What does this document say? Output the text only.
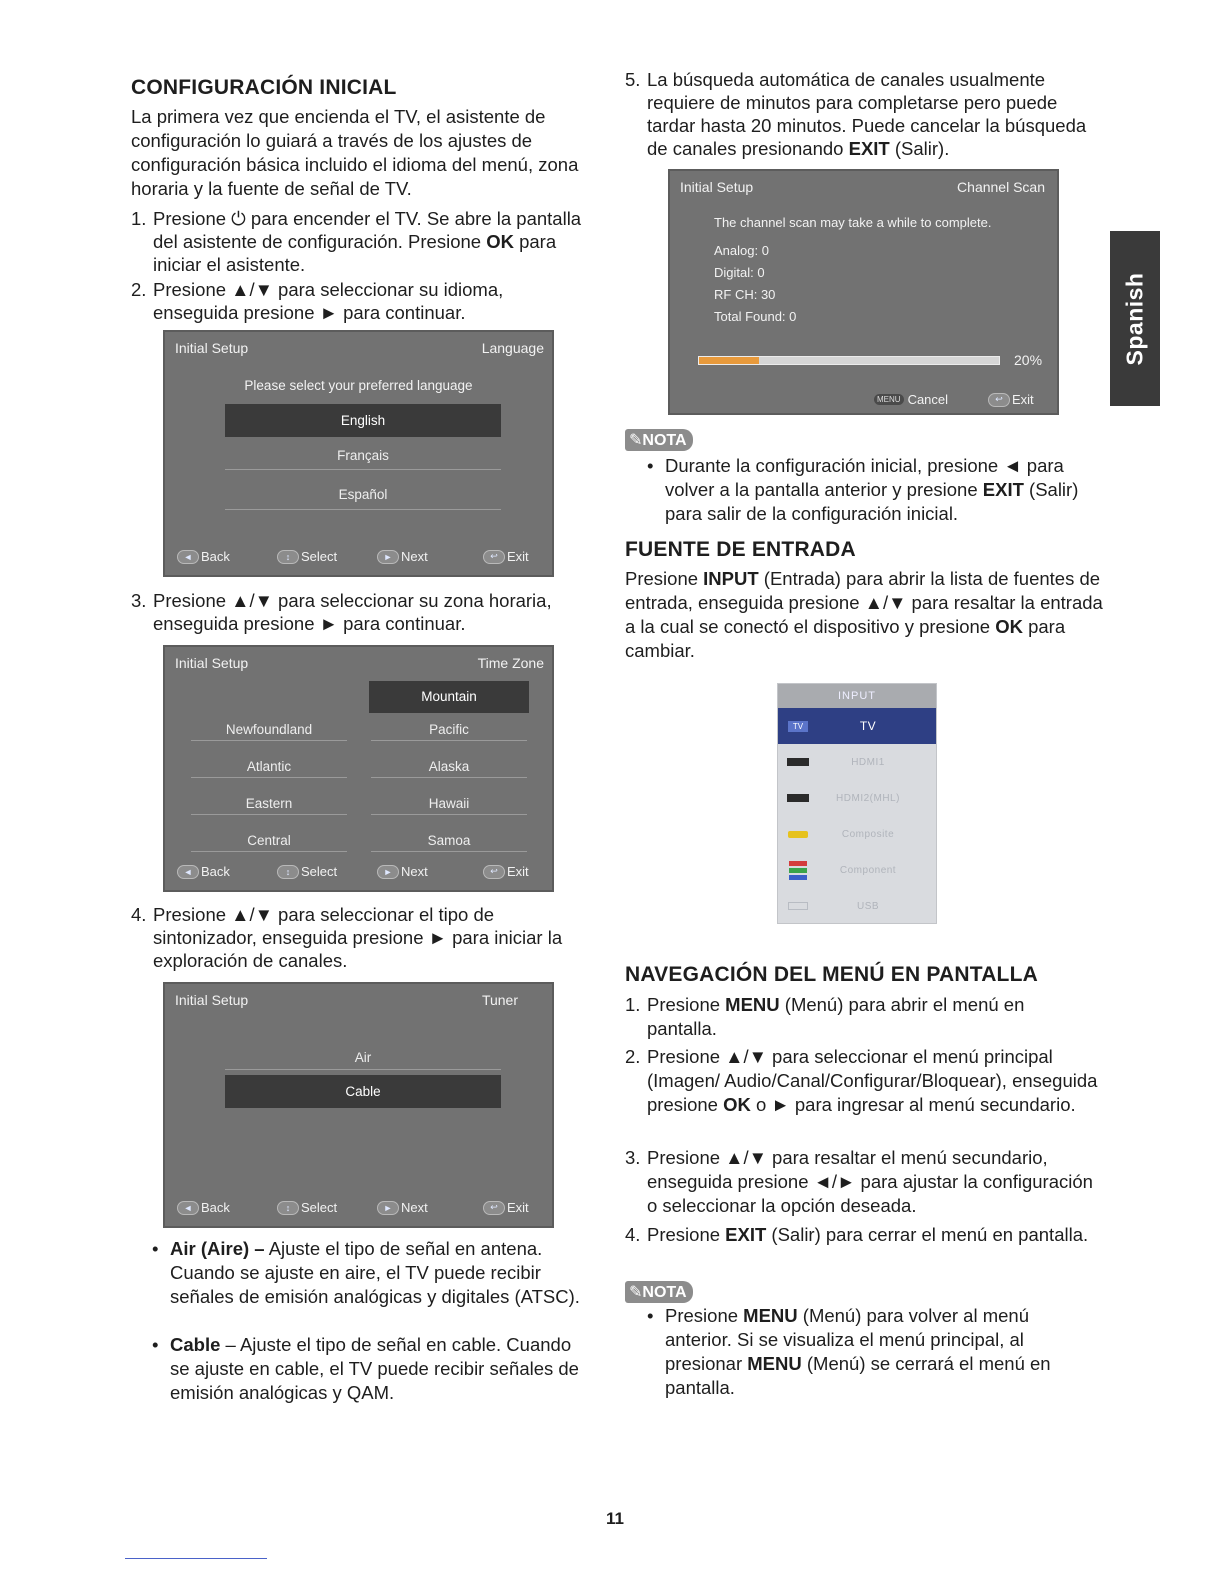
CONFIGURACIÓN INICIAL
La primera vez que encienda el TV, el asistente de configuración lo guiará a través de los ajustes de configuración básica incluido el idioma del menú, zona horaria y la fuente de señal de TV.
1. Presione ⏻ para encender el TV. Se abre la pantalla del asistente de configuración. Presione OK para iniciar el asistente.
2. Presione ▲/▼ para seleccionar su idioma, enseguida presione ► para continuar.
Initial Setup	Language
Please select your preferred language
English
Français
Español
◄ Back	↕ Select	► Next	↩ Exit
3. Presione ▲/▼ para seleccionar su zona horaria, enseguida presione ► para continuar.
Initial Setup	Time Zone
Mountain
Newfoundland	Pacific
Atlantic	Alaska
Eastern	Hawaii
Central	Samoa
◄ Back	↕ Select	► Next	↩ Exit
4. Presione ▲/▼ para seleccionar el tipo de sintonizador, enseguida presione ► para iniciar la exploración de canales.
Initial Setup	Tuner
Air
Cable
◄ Back	↕ Select	► Next	↩ Exit
• Air (Aire) – Ajuste el tipo de señal en antena. Cuando se ajuste en aire, el TV puede recibir señales de emisión analógicas y digitales (ATSC).
• Cable – Ajuste el tipo de señal en cable. Cuando se ajuste en cable, el TV puede recibir señales de emisión analógicas y QAM.
5. La búsqueda automática de canales usualmente requiere de minutos para completarse pero puede tardar hasta 20 minutos. Puede cancelar la búsqueda de canales presionando EXIT (Salir).
Initial Setup	Channel Scan
The channel scan may take a while to complete.
Analog: 0
Digital: 0
RF CH: 30
Total Found: 0
20%
MENU Cancel	↩ Exit
✎NOTA
• Durante la configuración inicial, presione ◄ para volver a la pantalla anterior y presione EXIT (Salir) para salir de la configuración inicial.
FUENTE DE ENTRADA
Presione INPUT (Entrada) para abrir la lista de fuentes de entrada, enseguida presione ▲/▼ para resaltar la entrada a la cual se conectó el dispositivo y presione OK para cambiar.
INPUT
TV	TV
HDMI1
HDMI2(MHL)
Composite
Component
USB
NAVEGACIÓN DEL MENÚ EN PANTALLA
1. Presione MENU (Menú) para abrir el menú en pantalla.
2. Presione ▲/▼ para seleccionar el menú principal (Imagen/ Audio/Canal/Configurar/Bloquear), enseguida presione OK o ► para ingresar al menú secundario.
3. Presione ▲/▼ para resaltar el menú secundario, enseguida presione ◄/► para ajustar la configuración o seleccionar la opción deseada.
4. Presione EXIT (Salir) para cerrar el menú en pantalla.
✎NOTA
• Presione MENU (Menú) para volver al menú anterior. Si se visualiza el menú principal, al presionar MENU (Menú) se cerrará el menú en pantalla.
Spanish
11
